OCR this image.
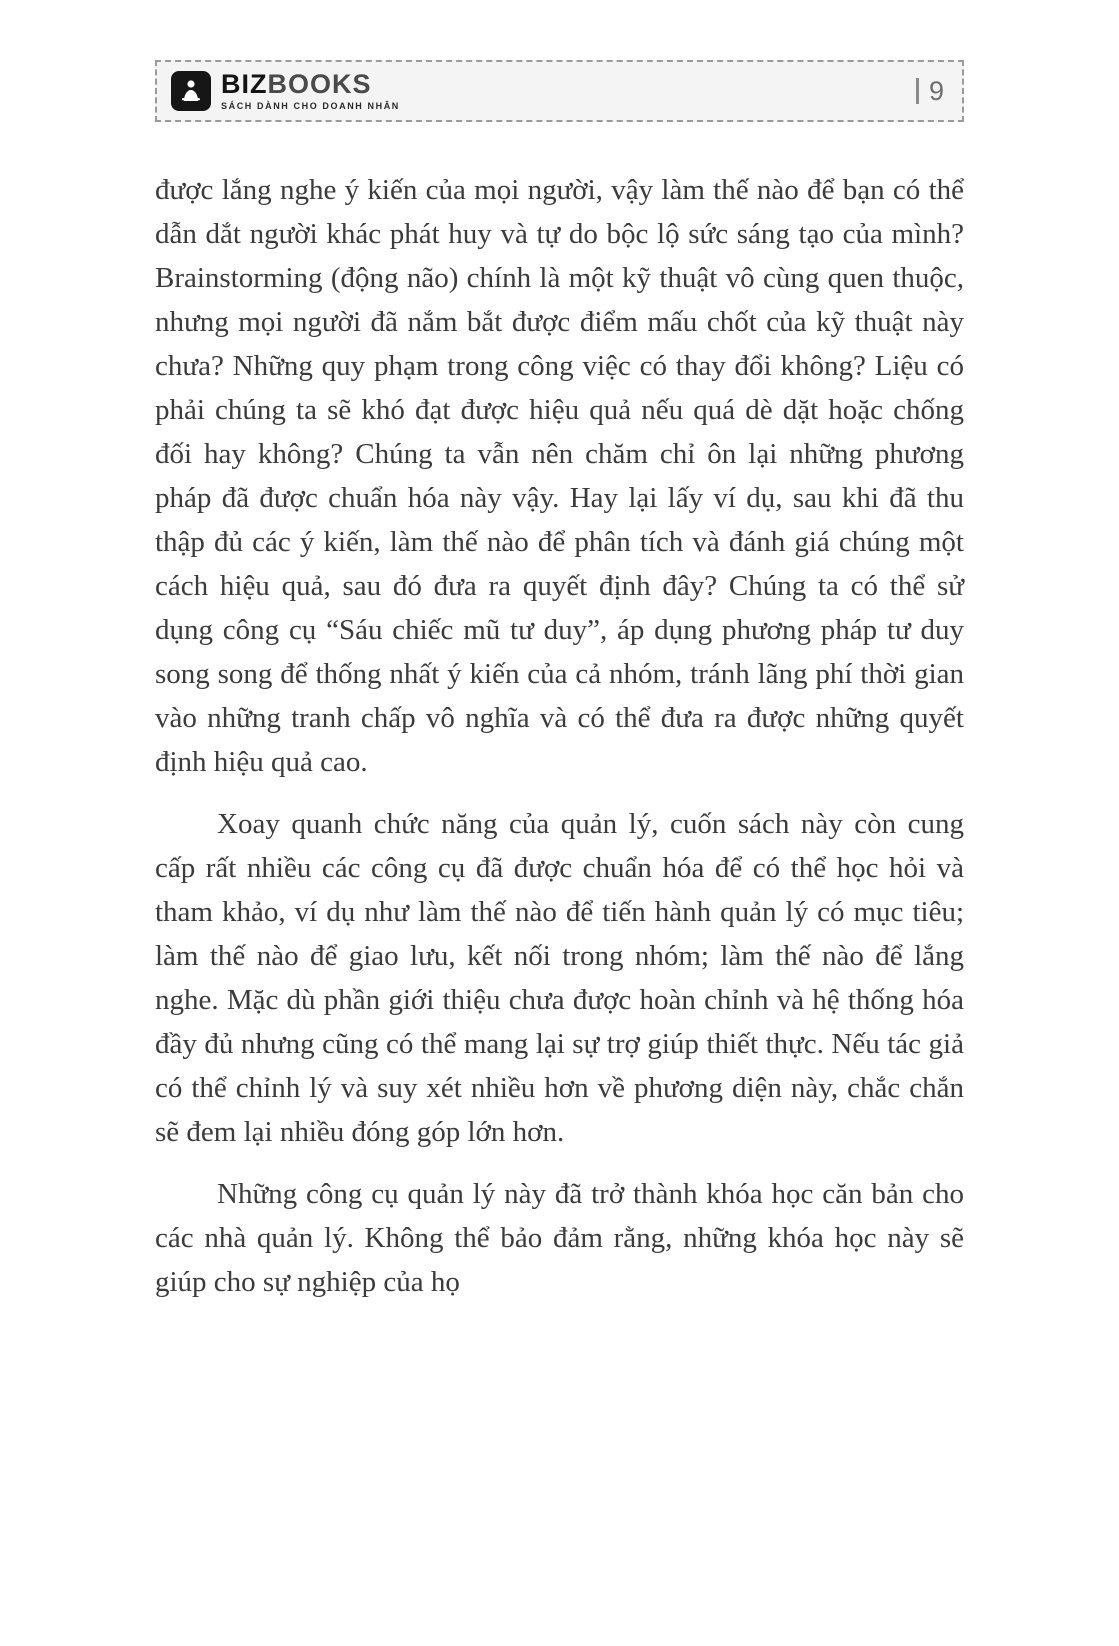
BIZBOOKS
SÁCH DÀNH CHO DOANH NHÂN
9

được lắng nghe ý kiến của mọi người, vậy làm thế nào để bạn có thể dẫn dắt người khác phát huy và tự do bộc lộ sức sáng tạo của mình? Brainstorming (động não) chính là một kỹ thuật vô cùng quen thuộc, nhưng mọi người đã nắm bắt được điểm mấu chốt của kỹ thuật này chưa? Những quy phạm trong công việc có thay đổi không? Liệu có phải chúng ta sẽ khó đạt được hiệu quả nếu quá dè dặt hoặc chống đối hay không? Chúng ta vẫn nên chăm chỉ ôn lại những phương pháp đã được chuẩn hóa này vậy. Hay lại lấy ví dụ, sau khi đã thu thập đủ các ý kiến, làm thế nào để phân tích và đánh giá chúng một cách hiệu quả, sau đó đưa ra quyết định đây? Chúng ta có thể sử dụng công cụ “Sáu chiếc mũ tư duy”, áp dụng phương pháp tư duy song song để thống nhất ý kiến của cả nhóm, tránh lãng phí thời gian vào những tranh chấp vô nghĩa và có thể đưa ra được những quyết định hiệu quả cao.

Xoay quanh chức năng của quản lý, cuốn sách này còn cung cấp rất nhiều các công cụ đã được chuẩn hóa để có thể học hỏi và tham khảo, ví dụ như làm thế nào để tiến hành quản lý có mục tiêu; làm thế nào để giao lưu, kết nối trong nhóm; làm thế nào để lắng nghe. Mặc dù phần giới thiệu chưa được hoàn chỉnh và hệ thống hóa đầy đủ nhưng cũng có thể mang lại sự trợ giúp thiết thực. Nếu tác giả có thể chỉnh lý và suy xét nhiều hơn về phương diện này, chắc chắn sẽ đem lại nhiều đóng góp lớn hơn.

Những công cụ quản lý này đã trở thành khóa học căn bản cho các nhà quản lý. Không thể bảo đảm rằng, những khóa học này sẽ giúp cho sự nghiệp của họ
